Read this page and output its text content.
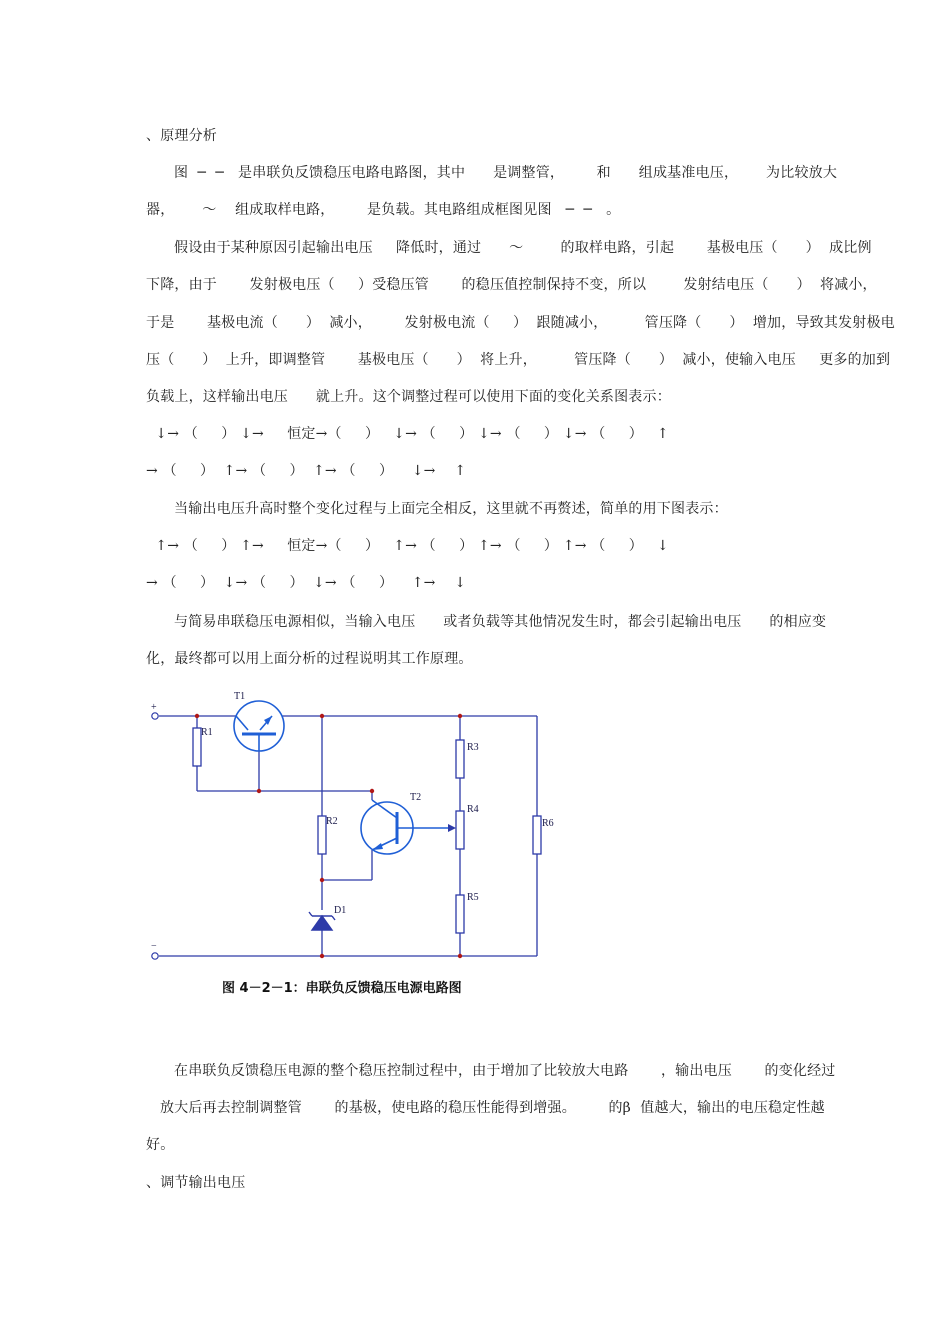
、原理分析
图  ─  ─   是串联负反馈稳压电路电路图，其中      是调整管，       和      组成基准电压，      为比较放大
器，      ～    组成取样电路，       是负载。其电路组成框图见图   ─  ─   。
假设由于某种原因引起输出电压     降低时，通过      ～        的取样电路，引起       基极电压（      ）  成比例
下降，由于       发射极电压（     ）受稳压管       的稳压值控制保持不变，所以        发射结电压（      ）  将减小，
于是       基极电流（      ）  减小，       发射极电流（     ）  跟随减小，        管压降（      ）  增加，导致其发射极电
压（      ）  上升，即调整管       基极电压（      ）  将上升，        管压降（      ）  减小，使输入电压     更多的加到
负载上，这样输出电压      就上升。这个调整过程可以使用下面的变化关系图表示：
↓→ （     ） ↓→     恒定→（     ）   ↓→ （     ） ↓→ （     ） ↓→ （     ）   ↑
→ （     ）  ↑→ （     ）  ↑→ （     ）    ↓→    ↑
当输出电压升高时整个变化过程与上面完全相反，这里就不再赘述，简单的用下图表示：
↑→ （     ） ↑→     恒定→（     ）   ↑→ （     ） ↑→ （     ） ↑→ （     ）   ↓
→ （     ）  ↓→ （     ）  ↓→ （     ）    ↑→    ↓
与简易串联稳压电源相似，当输入电压      或者负载等其他情况发生时，都会引起输出电压      的相应变
化，最终都可以用上面分析的过程说明其工作原理。
+
−
T1
T2
R1
R2
R3
R4
R5
R6
D1
图 4－2－1：串联负反馈稳压电源电路图
在串联负反馈稳压电源的整个稳压控制过程中，由于增加了比较放大电路       ，输出电压       的变化经过
放大后再去控制调整管       的基极，使电路的稳压性能得到增强。       的β  值越大，输出的电压稳定性越
好。
、调节输出电压
